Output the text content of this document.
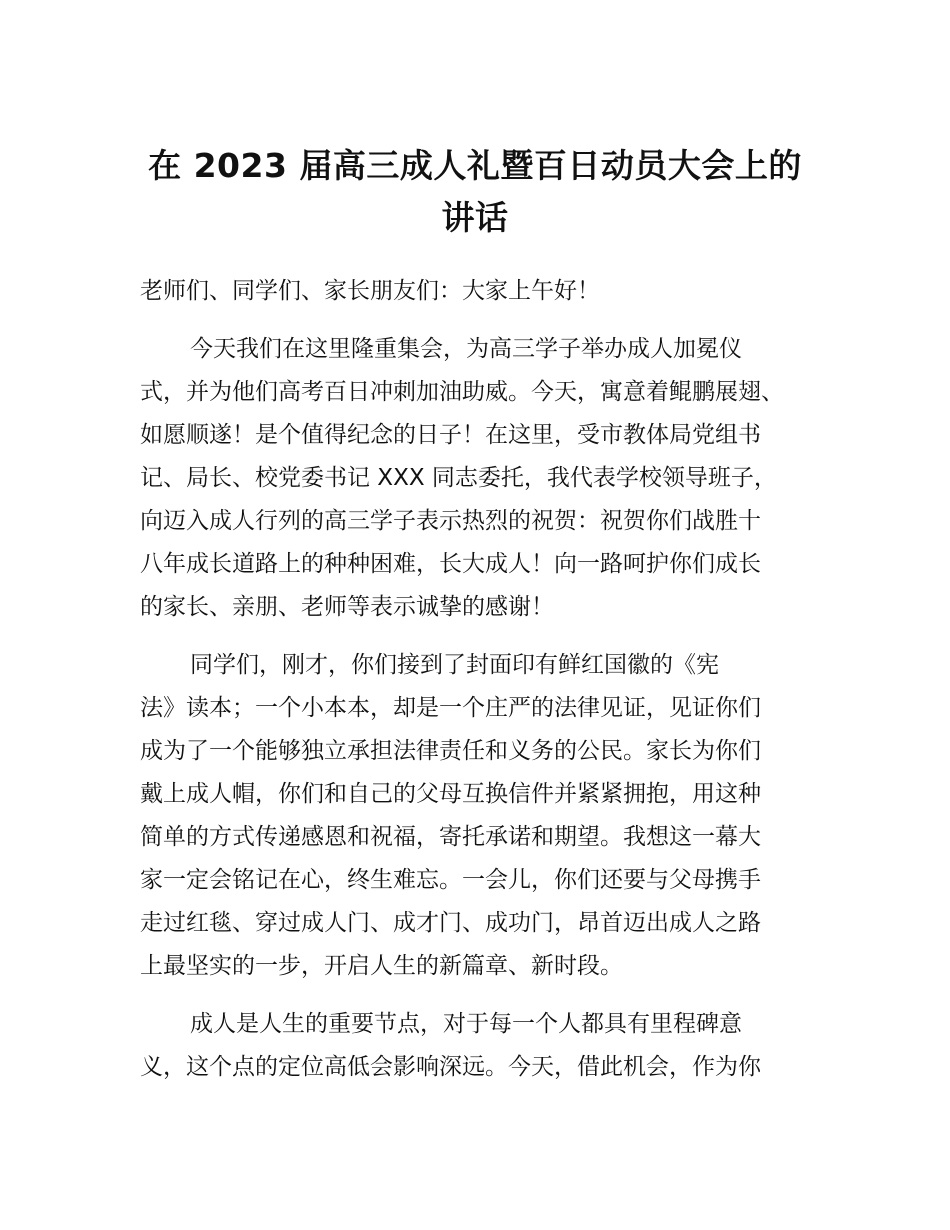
在 2023 届高三成人礼暨百日动员大会上的
讲话

老师们、同学们、家长朋友们：大家上午好！

今天我们在这里隆重集会，为高三学子举办成人加冕仪
式，并为他们高考百日冲刺加油助威。今天，寓意着鲲鹏展翅、
如愿顺遂！是个值得纪念的日子！在这里，受市教体局党组书
记、局长、校党委书记 XXX 同志委托，我代表学校领导班子，
向迈入成人行列的高三学子表示热烈的祝贺：祝贺你们战胜十
八年成长道路上的种种困难，长大成人！向一路呵护你们成长
的家长、亲朋、老师等表示诚挚的感谢！

同学们，刚才，你们接到了封面印有鲜红国徽的《宪
法》读本；一个小本本，却是一个庄严的法律见证，见证你们
成为了一个能够独立承担法律责任和义务的公民。家长为你们
戴上成人帽，你们和自己的父母互换信件并紧紧拥抱，用这种
简单的方式传递感恩和祝福，寄托承诺和期望。我想这一幕大
家一定会铭记在心，终生难忘。一会儿，你们还要与父母携手
走过红毯、穿过成人门、成才门、成功门，昂首迈出成人之路
上最坚实的一步，开启人生的新篇章、新时段。

成人是人生的重要节点，对于每一个人都具有里程碑意
义，这个点的定位高低会影响深远。今天，借此机会，作为你
